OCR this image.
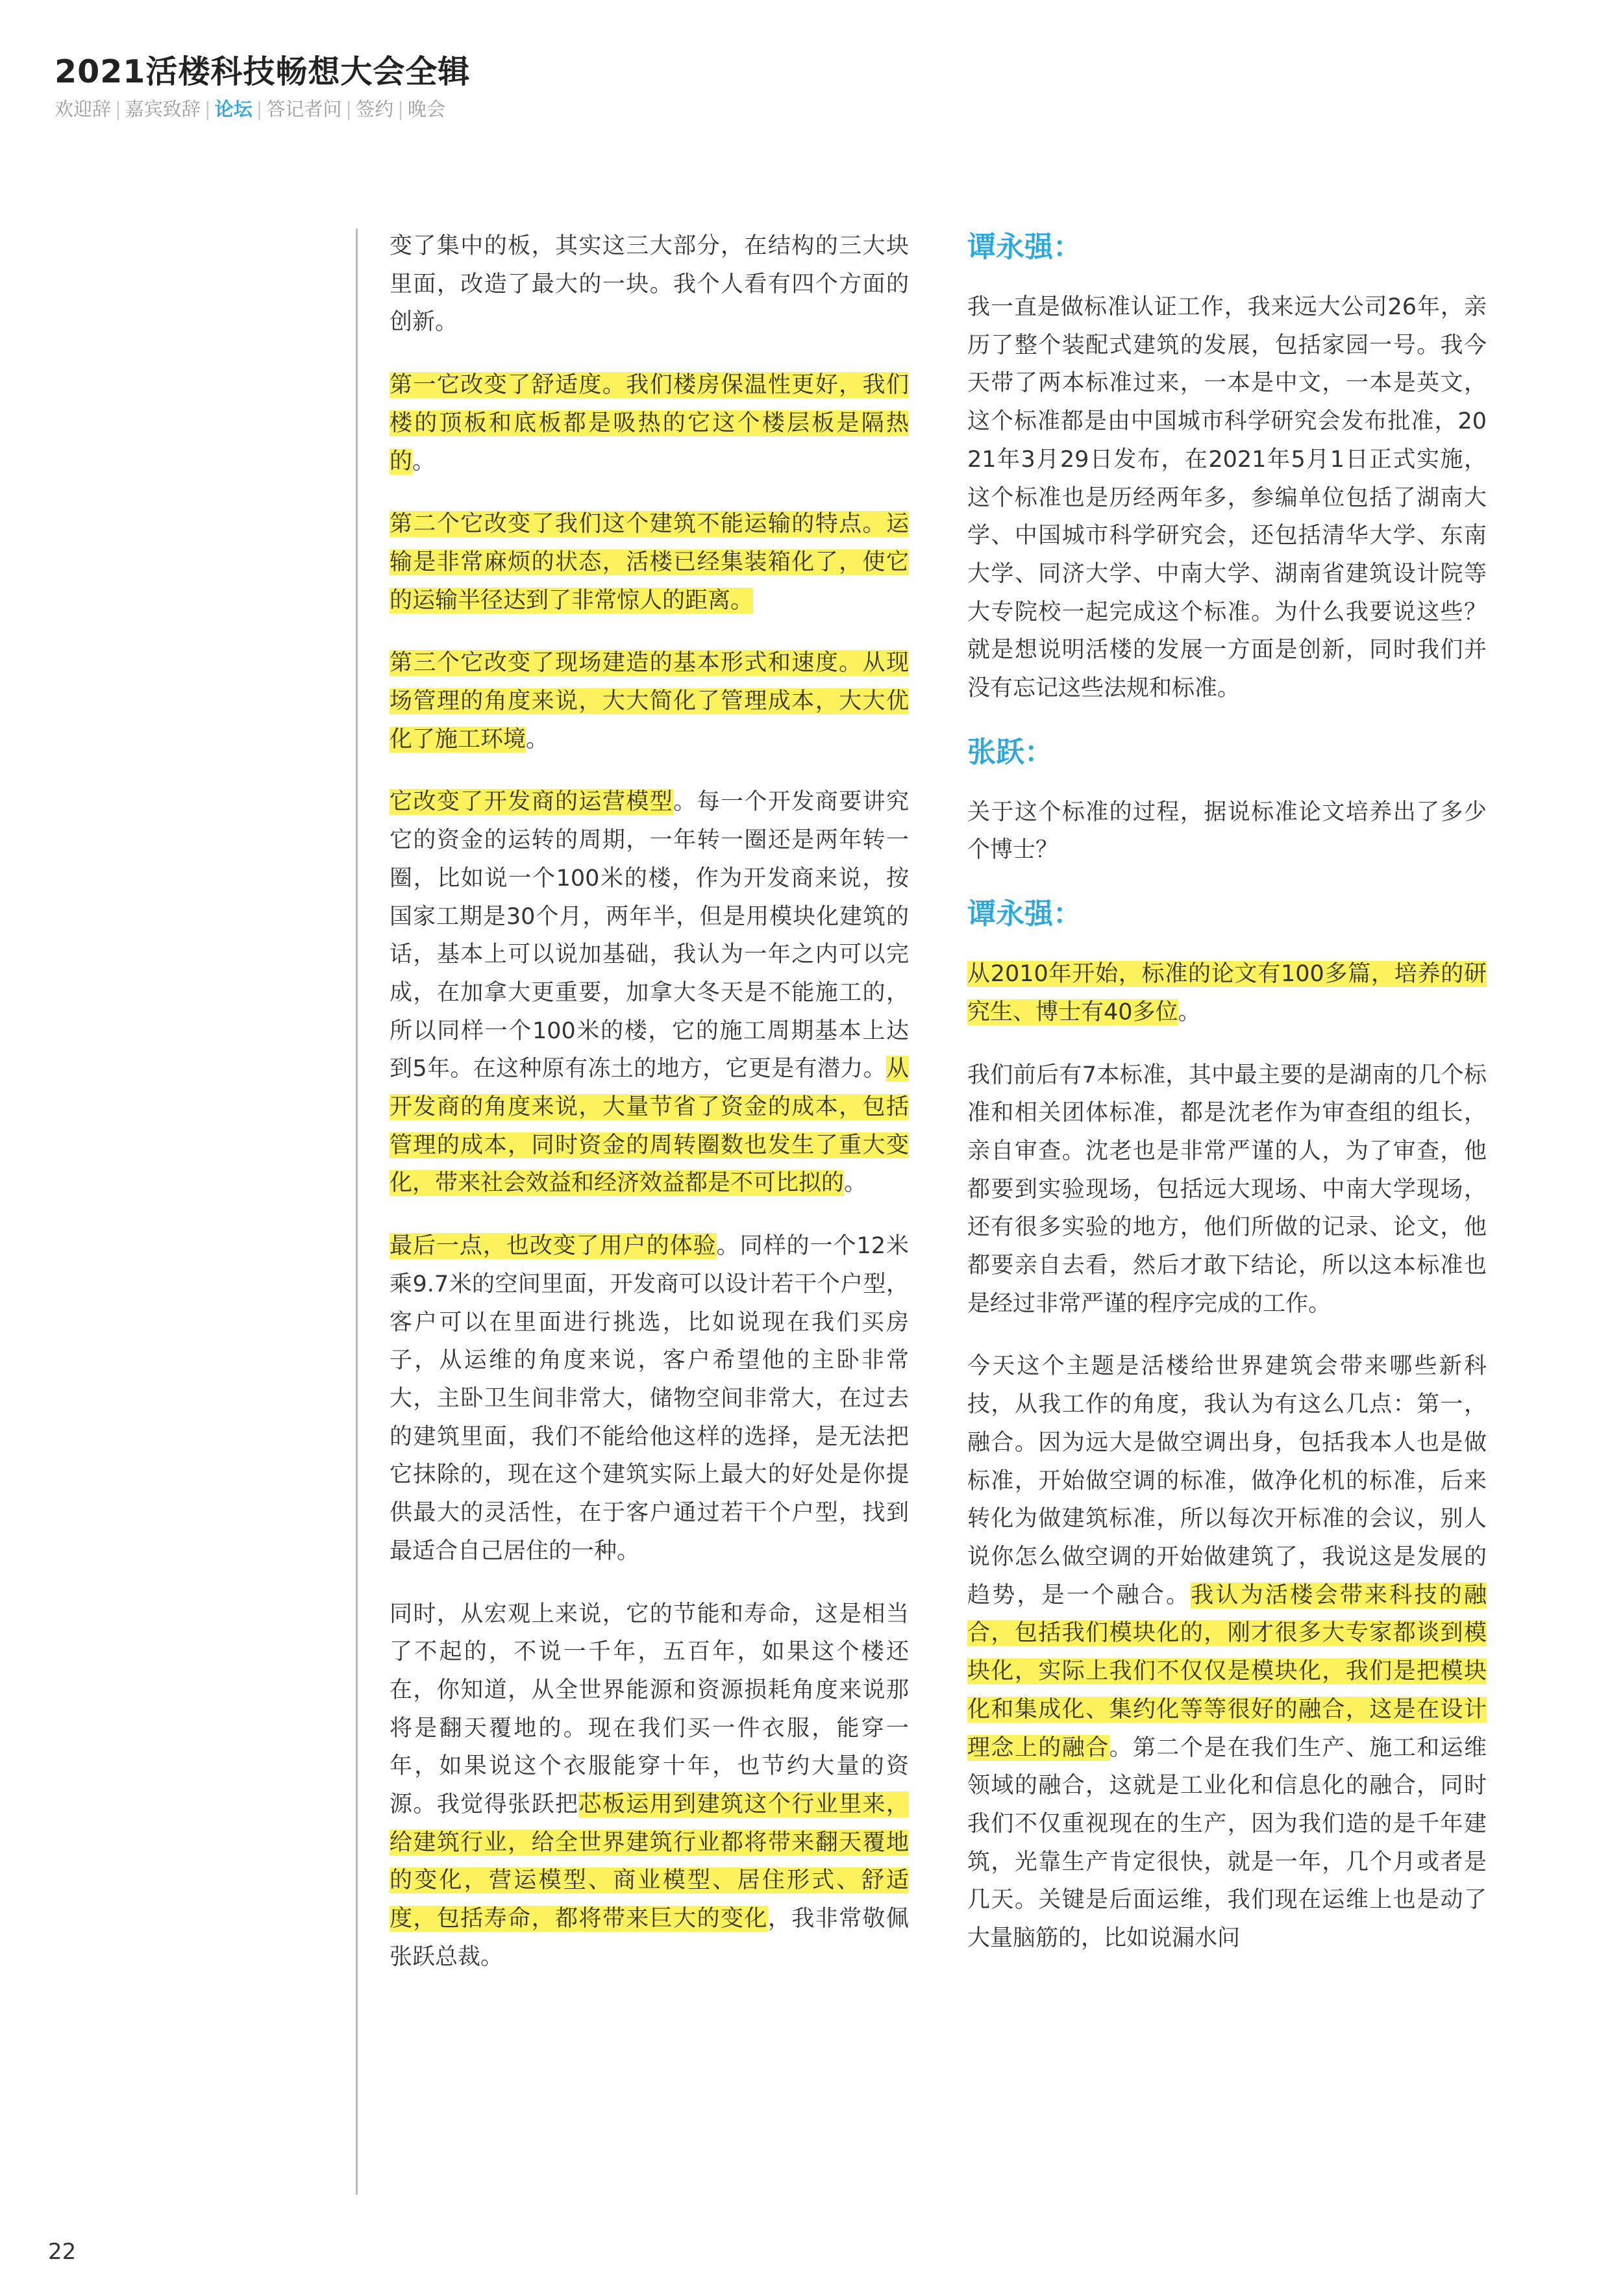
2021活楼科技畅想大会全辑
欢迎辞 | 嘉宾致辞 | 论坛 | 答记者问 | 签约 | 晚会

变了集中的板，其实这三大部分，在结构的三大块里面，改造了最大的一块。我个人看有四个方面的创新。

第一它改变了舒适度。我们楼房保温性更好，我们楼的顶板和底板都是吸热的它这个楼层板是隔热的。

第二个它改变了我们这个建筑不能运输的特点。运输是非常麻烦的状态，活楼已经集装箱化了，使它的运输半径达到了非常惊人的距离。

第三个它改变了现场建造的基本形式和速度。从现场管理的角度来说，大大简化了管理成本，大大优化了施工环境。

它改变了开发商的运营模型。每一个开发商要讲究它的资金的运转的周期，一年转一圈还是两年转一圈，比如说一个100米的楼，作为开发商来说，按国家工期是30个月，两年半，但是用模块化建筑的话，基本上可以说加基础，我认为一年之内可以完成，在加拿大更重要，加拿大冬天是不能施工的，所以同样一个100米的楼，它的施工周期基本上达到5年。在这种原有冻土的地方，它更是有潜力。从开发商的角度来说，大量节省了资金的成本，包括管理的成本，同时资金的周转圈数也发生了重大变化，带来社会效益和经济效益都是不可比拟的。

最后一点，也改变了用户的体验。同样的一个12米乘9.7米的空间里面，开发商可以设计若干个户型，客户可以在里面进行挑选，比如说现在我们买房子，从运维的角度来说，客户希望他的主卧非常大，主卧卫生间非常大，储物空间非常大，在过去的建筑里面，我们不能给他这样的选择，是无法把它抹除的，现在这个建筑实际上最大的好处是你提供最大的灵活性，在于客户通过若干个户型，找到最适合自己居住的一种。

同时，从宏观上来说，它的节能和寿命，这是相当了不起的，不说一千年，五百年，如果这个楼还在，你知道，从全世界能源和资源损耗角度来说那将是翻天覆地的。现在我们买一件衣服，能穿一年，如果说这个衣服能穿十年，也节约大量的资源。我觉得张跃把芯板运用到建筑这个行业里来，给建筑行业，给全世界建筑行业都将带来翻天覆地的变化，营运模型、商业模型、居住形式、舒适度，包括寿命，都将带来巨大的变化，我非常敬佩张跃总裁。

谭永强：

我一直是做标准认证工作，我来远大公司26年，亲历了整个装配式建筑的发展，包括家园一号。我今天带了两本标准过来，一本是中文，一本是英文，这个标准都是由中国城市科学研究会发布批准，2021年3月29日发布，在2021年5月1日正式实施，这个标准也是历经两年多，参编单位包括了湖南大学、中国城市科学研究会，还包括清华大学、东南大学、同济大学、中南大学、湖南省建筑设计院等大专院校一起完成这个标准。为什么我要说这些？就是想说明活楼的发展一方面是创新，同时我们并没有忘记这些法规和标准。

张跃：

关于这个标准的过程，据说标准论文培养出了多少个博士？

谭永强：

从2010年开始，标准的论文有100多篇，培养的研究生、博士有40多位。

我们前后有7本标准，其中最主要的是湖南的几个标准和相关团体标准，都是沈老作为审查组的组长，亲自审查。沈老也是非常严谨的人，为了审查，他都要到实验现场，包括远大现场、中南大学现场，还有很多实验的地方，他们所做的记录、论文，他都要亲自去看，然后才敢下结论，所以这本标准也是经过非常严谨的程序完成的工作。

今天这个主题是活楼给世界建筑会带来哪些新科技，从我工作的角度，我认为有这么几点：第一，融合。因为远大是做空调出身，包括我本人也是做标准，开始做空调的标准，做净化机的标准，后来转化为做建筑标准，所以每次开标准的会议，别人说你怎么做空调的开始做建筑了，我说这是发展的趋势，是一个融合。我认为活楼会带来科技的融合，包括我们模块化的，刚才很多大专家都谈到模块化，实际上我们不仅仅是模块化，我们是把模块化和集成化、集约化等等很好的融合，这是在设计理念上的融合。第二个是在我们生产、施工和运维领域的融合，这就是工业化和信息化的融合，同时我们不仅重视现在的生产，因为我们造的是千年建筑，光靠生产肯定很快，就是一年，几个月或者是几天。关键是后面运维，我们现在运维上也是动了大量脑筋的，比如说漏水问

22
